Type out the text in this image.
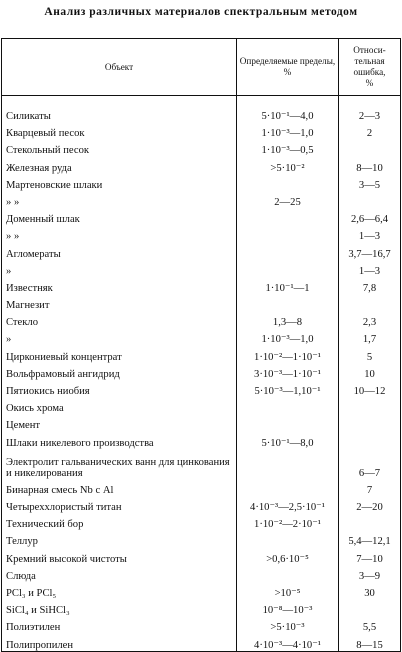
Анализ различных материалов спектральным методом
Объект	Определяемые пределы, %	Относи-
тельная
ошибка,
%

Силикаты	5·10⁻¹—4,0	2—3
Кварцевый песок	1·10⁻³—1,0	2
Стекольный песок	1·10⁻³—0,5	
Железная руда	>5·10⁻²	8—10
Мартеновские шлаки		3—5
» »	2—25	
Доменный шлак		2,6—6,4
» »		1—3
Агломераты		3,7—16,7
»		1—3
Известняк	1·10⁻¹—1	7,8
Магнезит		
Стекло	1,3—8	2,3
»	1·10⁻³—1,0	1,7
Циркониевый концентрат	1·10⁻²—1·10⁻¹	5
Вольфрамовый ангидрид	3·10⁻³—1·10⁻¹	10
Пятиокись ниобия	5·10⁻³—1,10⁻¹	10—12
Окись хрома		
Цемент		
Шлаки никелевого производства	5·10⁻¹—8,0	
Электролит гальванических ванн для цинкования и никелирования		6—7
Бинарная смесь Nb с Al		7
Четыреххлористый титан	4·10⁻³—2,5·10⁻¹	2—20
Технический бор	1·10⁻²—2·10⁻¹	
Теллур		5,4—12,1
Кремний высокой чистоты	>0,6·10⁻⁵	7—10
Слюда		3—9
PCl₃ и PCl₅	>10⁻⁵	30
SiCl₄ и SiHCl₃	10⁻⁸—10⁻³	
Полиэтилен	>5·10⁻³	5,5
Полипропилен	4·10⁻³—4·10⁻¹	8—15
